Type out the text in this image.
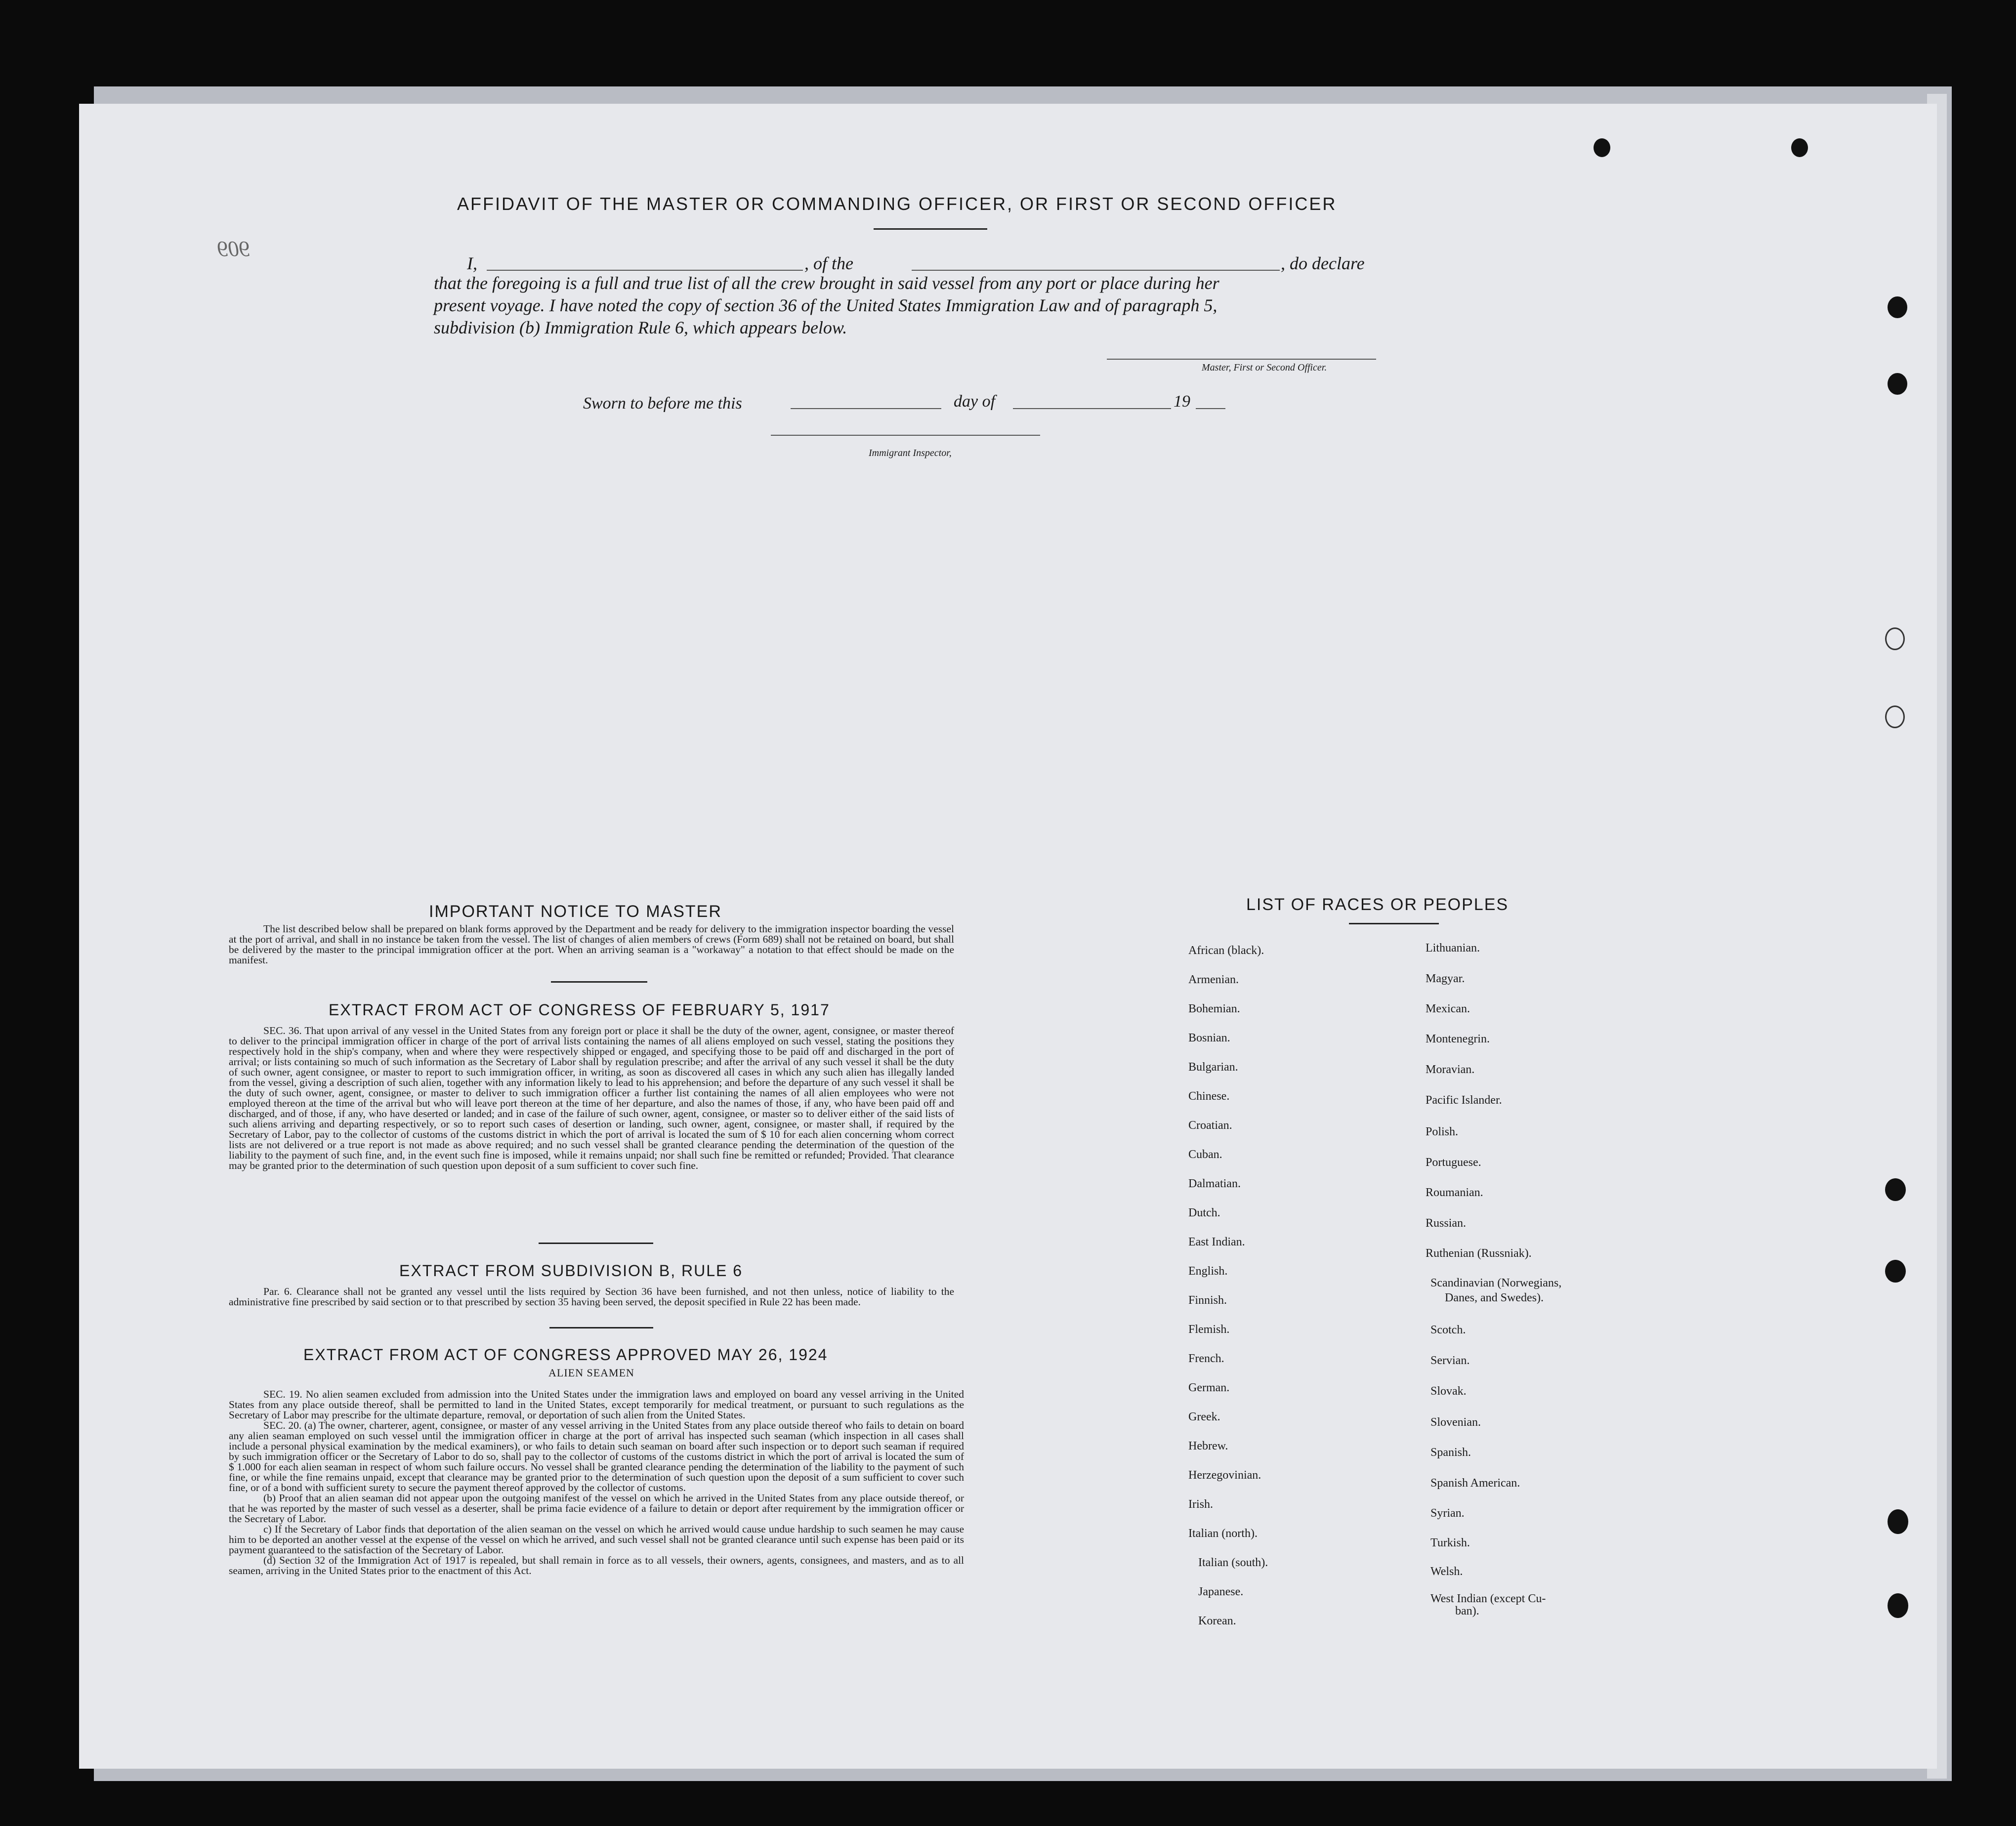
909
AFFIDAVIT OF THE MASTER OR COMMANDING OFFICER, OR FIRST OR SECOND OFFICER
I,	, of the	, do declare
that the foregoing is a full and true list of all the crew brought in said vessel from any port or place during her
present voyage. I have noted the copy of section 36 of the United States Immigration Law and of paragraph 5,
subdivision (b) Immigration Rule 6, which appears below.
Master, First or Second Officer.
Sworn to before me this	day of	19
Immigrant Inspector,
IMPORTANT NOTICE TO MASTER
The list described below shall be prepared on blank forms approved by the Department and be ready for delivery to the immigration inspector boarding the vessel at the port of arrival, and shall in no instance be taken from the vessel. The list of changes of alien members of crews (Form 689) shall not be retained on board, but shall be delivered by the master to the principal immigration officer at the port. When an arriving seaman is a "workaway" a notation to that effect should be made on the manifest.
EXTRACT FROM ACT OF CONGRESS OF FEBRUARY 5, 1917
SEC. 36. That upon arrival of any vessel in the United States from any foreign port or place it shall be the duty of the owner, agent, consignee, or master thereof to deliver to the principal immigration officer in charge of the port of arrival lists containing the names of all aliens employed on such vessel, stating the positions they respectively hold in the ship's company, when and where they were respectively shipped or engaged, and specifying those to be paid off and discharged in the port of arrival; or lists containing so much of such information as the Secretary of Labor shall by regulation prescribe; and after the arrival of any such vessel it shall be the duty of such owner, agent consignee, or master to report to such immigration officer, in writing, as soon as discovered all cases in which any such alien has illegally landed from the vessel, giving a description of such alien, together with any information likely to lead to his apprehension; and before the departure of any such vessel it shall be the duty of such owner, agent, consignee, or master to deliver to such immigration officer a further list containing the names of all alien employees who were not employed thereon at the time of the arrival but who will leave port thereon at the time of her departure, and also the names of those, if any, who have been paid off and discharged, and of those, if any, who have deserted or landed; and in case of the failure of such owner, agent, consignee, or master so to deliver either of the said lists of such aliens arriving and departing respectively, or so to report such cases of desertion or landing, such owner, agent, consignee, or master shall, if required by the Secretary of Labor, pay to the collector of customs of the customs district in which the port of arrival is located the sum of $ 10 for each alien concerning whom correct lists are not delivered or a true report is not made as above required; and no such vessel shall be granted clearance pending the determination of the question of the liability to the payment of such fine, and, in the event such fine is imposed, while it remains unpaid; nor shall such fine be remitted or refunded; Provided. That clearance may be granted prior to the determination of such question upon deposit of a sum sufficient to cover such fine.
EXTRACT FROM SUBDIVISION B, RULE 6
Par. 6. Clearance shall not be granted any vessel until the lists required by Section 36 have been furnished, and not then unless, notice of liability to the administrative fine prescribed by said section or to that prescribed by section 35 having been served, the deposit specified in Rule 22 has been made.
EXTRACT FROM ACT OF CONGRESS APPROVED MAY 26, 1924
ALIEN SEAMEN

SEC. 19. No alien seamen excluded from admission into the United States under the immigration laws and employed on board any vessel arriving in the United States from any place outside thereof, shall be permitted to land in the United States, except temporarily for medical treatment, or pursuant to such regulations as the Secretary of Labor may prescribe for the ultimate departure, removal, or deportation of such alien from the United States.

SEC. 20. (a) The owner, charterer, agent, consignee, or master of any vessel arriving in the United States from any place outside thereof who fails to detain on board any alien seaman employed on such vessel until the immigration officer in charge at the port of arrival has inspected such seaman (which inspection in all cases shall include a personal physical examination by the medical examiners), or who fails to detain such seaman on board after such inspection or to deport such seaman if required by such immigration officer or the Secretary of Labor to do so, shall pay to the collector of customs of the customs district in which the port of arrival is located the sum of $ 1.000 for each alien seaman in respect of whom such failure occurs. No vessel shall be granted clearance pending the determination of the liability to the payment of such fine, or while the fine remains unpaid, except that clearance may be granted prior to the determination of such question upon the deposit of a sum sufficient to cover such fine, or of a bond with sufficient surety to secure the payment thereof approved by the collector of customs.

(b) Proof that an alien seaman did not appear upon the outgoing manifest of the vessel on which he arrived in the United States from any place outside thereof, or that he was reported by the master of such vessel as a deserter, shall be prima facie evidence of a failure to detain or deport after requirement by the immigration officer or the Secretary of Labor.

c) If the Secretary of Labor finds that deportation of the alien seaman on the vessel on which he arrived would cause undue hardship to such seamen he may cause him to be deported an another vessel at the expense of the vessel on which he arrived, and such vessel shall not be granted clearance until such expense has been paid or its payment guaranteed to the satisfaction of the Secretary of Labor.

(d) Section 32 of the Immigration Act of 1917 is repealed, but shall remain in force as to all vessels, their owners, agents, consignees, and masters, and as to all seamen, arriving in the United States prior to the enactment of this Act.

LIST OF RACES OR PEOPLES
African (black).
Armenian.
Bohemian.
Bosnian.
Bulgarian.
Chinese.
Croatian.
Cuban.
Dalmatian.
Dutch.
East Indian.
English.
Finnish.
Flemish.
French.
German.
Greek.
Hebrew.
Herzegovinian.
Irish.
Italian (north).
Italian (south).
Japanese.
Korean.
Lithuanian.
Magyar.
Mexican.
Montenegrin.
Moravian.
Pacific Islander.
Polish.
Portuguese.
Roumanian.
Russian.
Ruthenian (Russniak).
Scandinavian (Norwegians,
Scotch.
Servian.
Slovak.
Slovenian.
Spanish.
Spanish American.
Syrian.
Turkish.
Welsh.
West Indian (except Cu-
Danes, and Swedes).
ban).
